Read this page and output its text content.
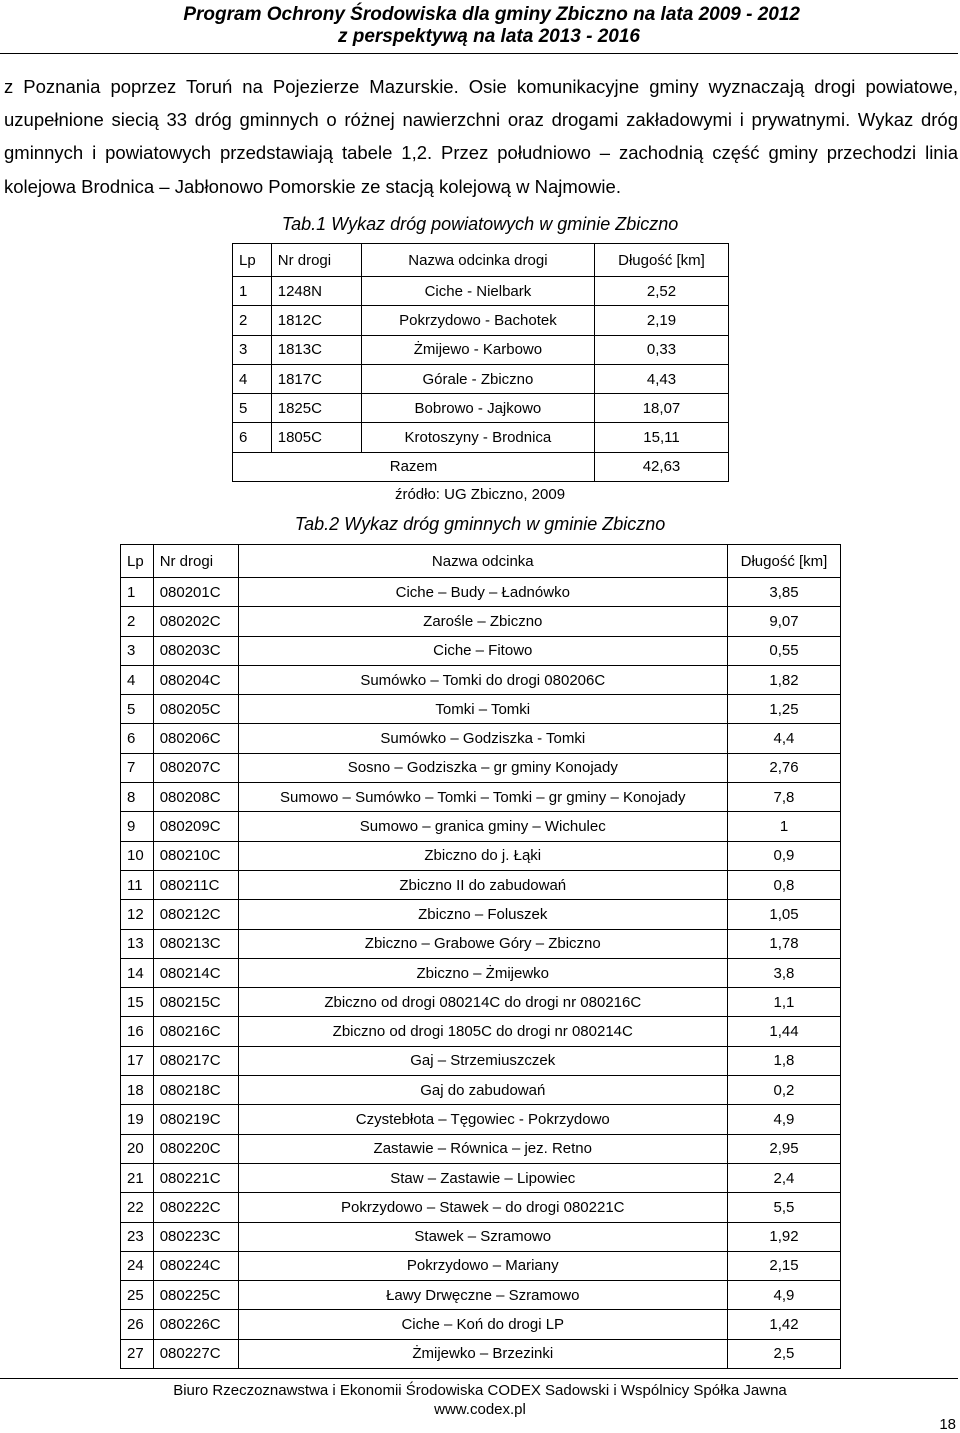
Program Ochrony Środowiska dla gminy Zbiczno na lata 2009 - 2012
z perspektywą na lata 2013 - 2016
z Poznania poprzez Toruń na Pojezierze Mazurskie. Osie komunikacyjne gminy wyznaczają drogi powiatowe, uzupełnione siecią 33 dróg gminnych o różnej nawierzchni oraz drogami zakładowymi i prywatnymi. Wykaz dróg gminnych i powiatowych przedstawiają tabele 1,2. Przez południowo – zachodnią część gminy przechodzi linia kolejowa Brodnica – Jabłonowo Pomorskie ze stacją kolejową w Najmowie.
Tab.1 Wykaz dróg powiatowych w gminie Zbiczno
Lp	Nr drogi	Nazwa odcinka drogi	Długość [km]
1	1248N	Ciche - Nielbark	2,52
2	1812C	Pokrzydowo - Bachotek	2,19
3	1813C	Żmijewo - Karbowo	0,33
4	1817C	Górale - Zbiczno	4,43
5	1825C	Bobrowo - Jajkowo	18,07
6	1805C	Krotoszyny - Brodnica	15,11
Razem			42,63
źródło: UG Zbiczno, 2009
Tab.2 Wykaz dróg gminnych w gminie Zbiczno
Lp	Nr drogi	Nazwa odcinka	Długość [km]
1	080201C	Ciche – Budy – Ładnówko	3,85
2	080202C	Zarośle – Zbiczno	9,07
3	080203C	Ciche – Fitowo	0,55
4	080204C	Sumówko – Tomki do drogi 080206C	1,82
5	080205C	Tomki – Tomki	1,25
6	080206C	Sumówko – Godziszka - Tomki	4,4
7	080207C	Sosno – Godziszka – gr gminy Konojady	2,76
8	080208C	Sumowo – Sumówko – Tomki – Tomki – gr gminy – Konojady	7,8
9	080209C	Sumowo – granica gminy – Wichulec	1
10	080210C	Zbiczno do j. Łąki	0,9
11	080211C	Zbiczno II do zabudowań	0,8
12	080212C	Zbiczno – Foluszek	1,05
13	080213C	Zbiczno – Grabowe Góry – Zbiczno	1,78
14	080214C	Zbiczno – Żmijewko	3,8
15	080215C	Zbiczno od drogi 080214C do drogi nr 080216C	1,1
16	080216C	Zbiczno od drogi 1805C do drogi nr 080214C	1,44
17	080217C	Gaj – Strzemiuszczek	1,8
18	080218C	Gaj do zabudowań	0,2
19	080219C	Czystebłota – Tęgowiec - Pokrzydowo	4,9
20	080220C	Zastawie – Równica – jez. Retno	2,95
21	080221C	Staw – Zastawie – Lipowiec	2,4
22	080222C	Pokrzydowo – Stawek – do drogi 080221C	5,5
23	080223C	Stawek – Szramowo	1,92
24	080224C	Pokrzydowo – Mariany	2,15
25	080225C	Ławy Drwęczne – Szramowo	4,9
26	080226C	Ciche – Koń do drogi LP	1,42
27	080227C	Żmijewko – Brzezinki	2,5
Biuro Rzeczoznawstwa i Ekonomii Środowiska CODEX Sadowski i Wspólnicy Spółka Jawna
www.codex.pl
18
